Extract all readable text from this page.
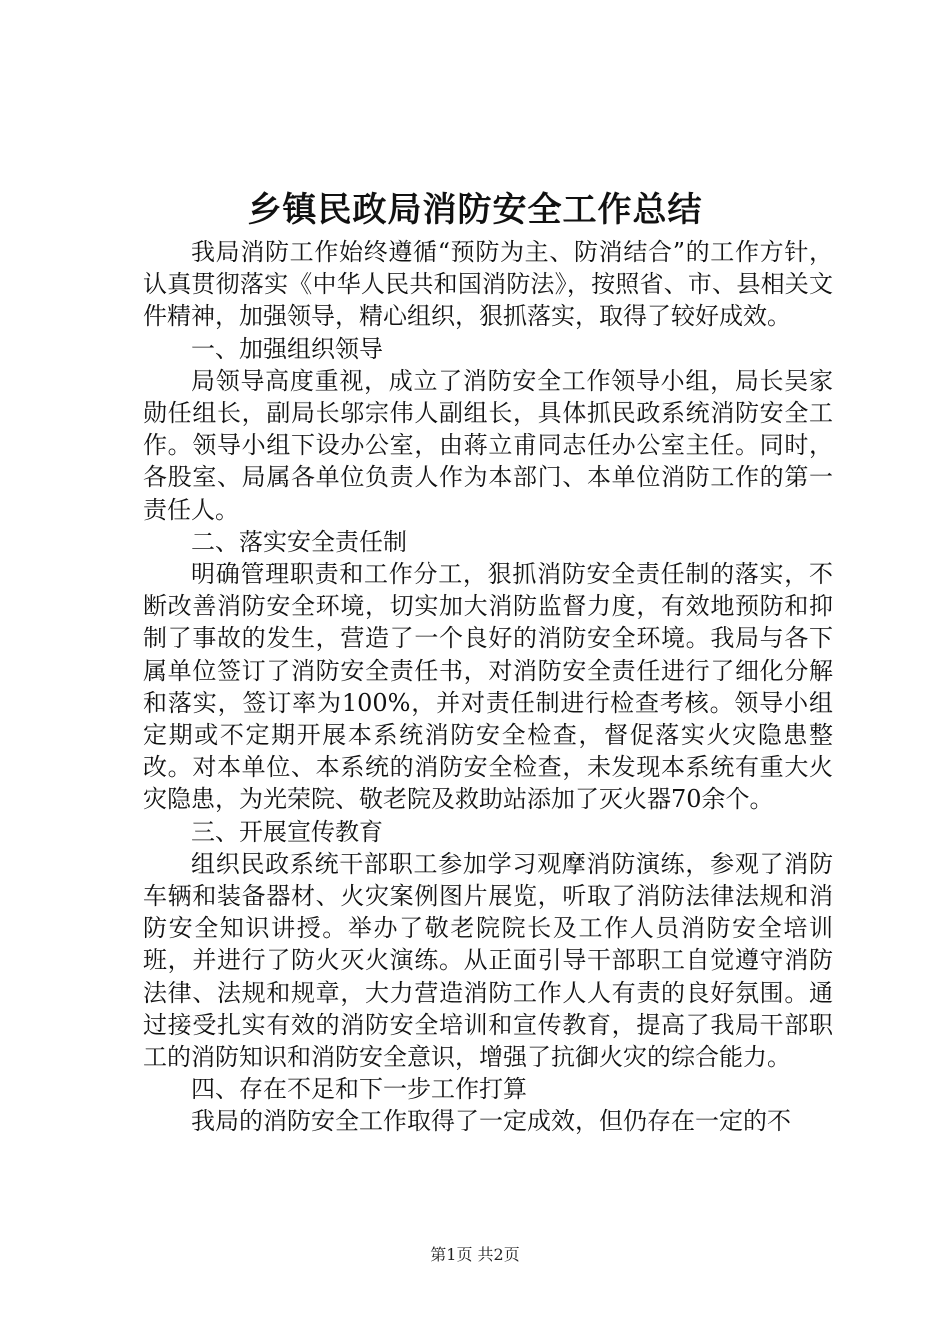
乡镇民政局消防安全工作总结

我局消防工作始终遵循“预防为主、防消结合”的工作方针，认真贯彻落实《中华人民共和国消防法》，按照省、市、县相关文件精神，加强领导，精心组织，狠抓落实，取得了较好成效。

一、加强组织领导

局领导高度重视，成立了消防安全工作领导小组，局长吴家勋任组长，副局长邬宗伟人副组长，具体抓民政系统消防安全工作。领导小组下设办公室，由蒋立甫同志任办公室主任。同时，各股室、局属各单位负责人作为本部门、本单位消防工作的第一责任人。

二、落实安全责任制

明确管理职责和工作分工，狠抓消防安全责任制的落实，不断改善消防安全环境，切实加大消防监督力度，有效地预防和抑制了事故的发生，营造了一个良好的消防安全环境。我局与各下属单位签订了消防安全责任书，对消防安全责任进行了细化分解和落实，签订率为100%，并对责任制进行检查考核。领导小组定期或不定期开展本系统消防安全检查，督促落实火灾隐患整改。对本单位、本系统的消防安全检查，未发现本系统有重大火灾隐患，为光荣院、敬老院及救助站添加了灭火器70余个。

三、开展宣传教育

组织民政系统干部职工参加学习观摩消防演练，参观了消防车辆和装备器材、火灾案例图片展览，听取了消防法律法规和消防安全知识讲授。举办了敬老院院长及工作人员消防安全培训班，并进行了防火灭火演练。从正面引导干部职工自觉遵守消防法律、法规和规章，大力营造消防工作人人有责的良好氛围。通过接受扎实有效的消防安全培训和宣传教育，提高了我局干部职工的消防知识和消防安全意识，增强了抗御火灾的综合能力。

四、存在不足和下一步工作打算

我局的消防安全工作取得了一定成效，但仍存在一定的不

第1页 共2页
